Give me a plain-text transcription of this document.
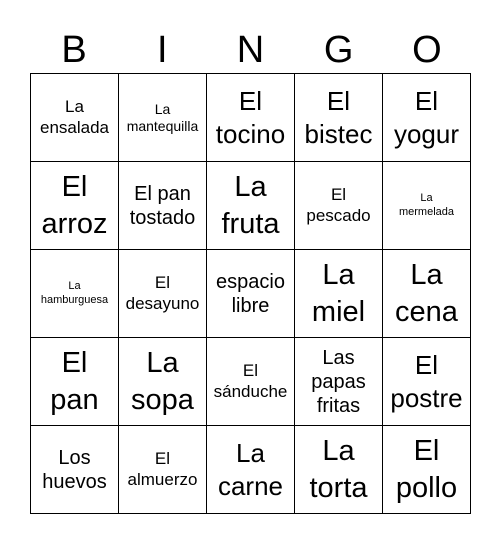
B	I	N	G	O
La
ensalada
La
mantequilla
El
tocino
El
bistec
El
yogur
El
arroz
El pan
tostado
La
fruta
El
pescado
La
mermelada
La
hamburguesa
El
desayuno
espacio
libre
La
miel
La
cena
El
pan
La
sopa
El
sánduche
Las
papas
fritas
El
postre
Los
huevos
El
almuerzo
La
carne
La
torta
El
pollo
